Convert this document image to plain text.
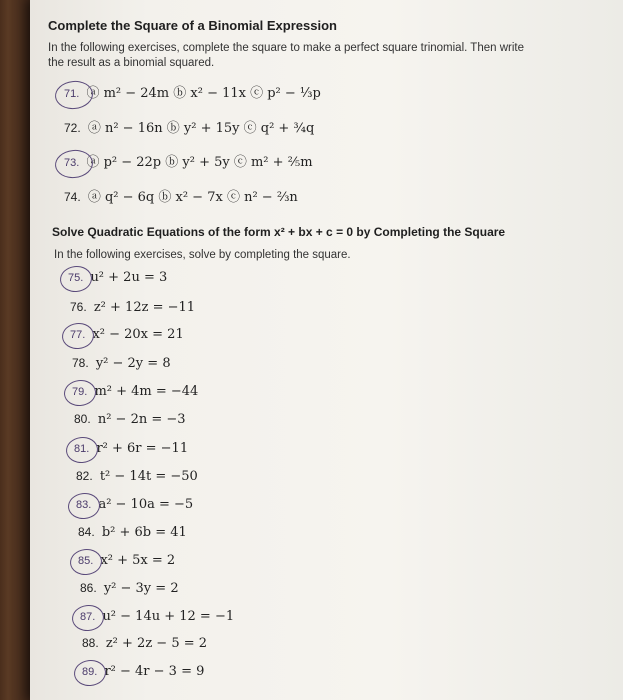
Complete the Square of a Binomial Expression
In the following exercises, complete the square to make a perfect square trinomial. Then write
the result as a binomial squared.
71. ⓐ m² − 24m ⓑ x² − 11x ⓒ p² − ⅓p
72. ⓐ n² − 16n ⓑ y² + 15y ⓒ q² + ¾q
73. ⓐ p² − 22p ⓑ y² + 5y ⓒ m² + ⅖m
74. ⓐ q² − 6q ⓑ x² − 7x ⓒ n² − ⅔n
Solve Quadratic Equations of the form x² + bx + c = 0 by Completing the Square
In the following exercises, solve by completing the square.
75. u² + 2u = 3
76. z² + 12z = −11
77. x² − 20x = 21
78. y² − 2y = 8
79. m² + 4m = −44
80. n² − 2n = −3
81. r² + 6r = −11
82. t² − 14t = −50
83. a² − 10a = −5
84. b² + 6b = 41
85. x² + 5x = 2
86. y² − 3y = 2
87. u² − 14u + 12 = −1
88. z² + 2z − 5 = 2
89. r² − 4r − 3 = 9
